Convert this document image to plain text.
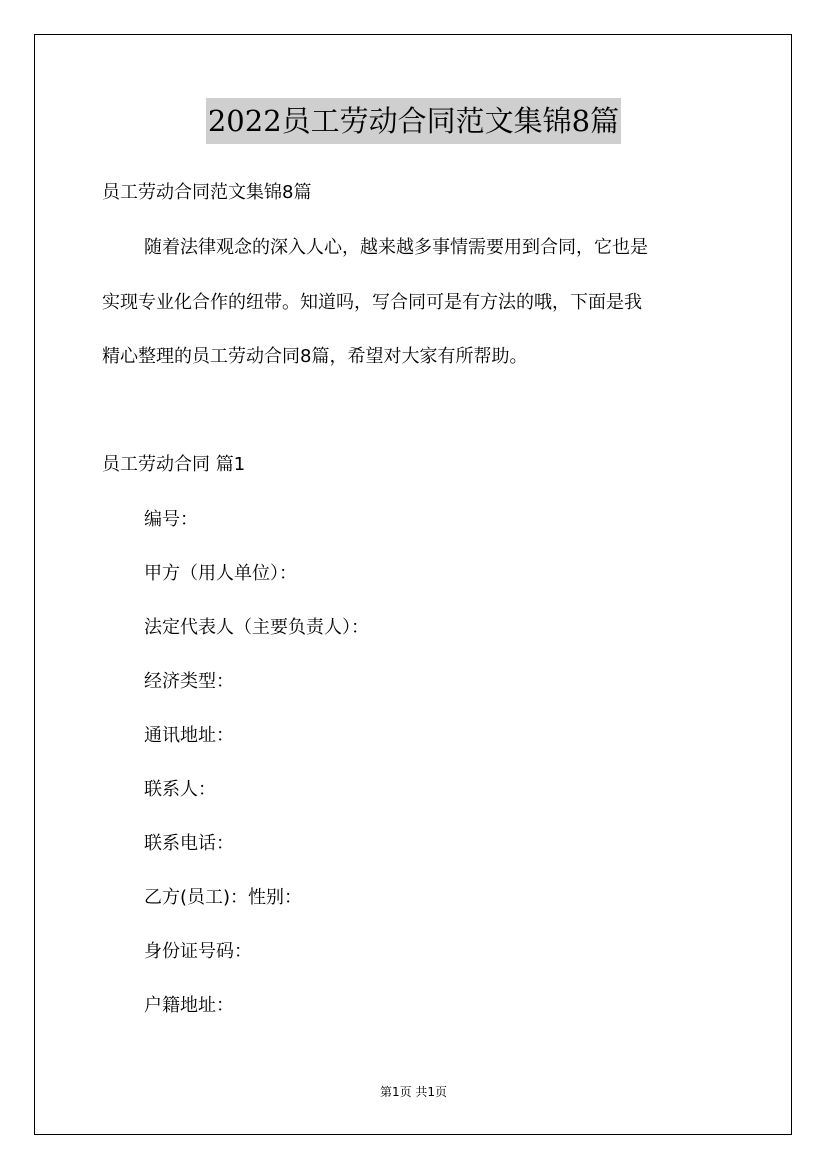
2022员工劳动合同范文集锦8篇
员工劳动合同范文集锦8篇
随着法律观念的深入人心，越来越多事情需要用到合同，它也是
实现专业化合作的纽带。知道吗，写合同可是有方法的哦，下面是我
精心整理的员工劳动合同8篇，希望对大家有所帮助。
员工劳动合同 篇1
编号：
甲方（用人单位）：
法定代表人（主要负责人）：
经济类型：
通讯地址：
联系人：
联系电话：
乙方(员工)：性别：
身份证号码：
户籍地址：
第1页 共1页
